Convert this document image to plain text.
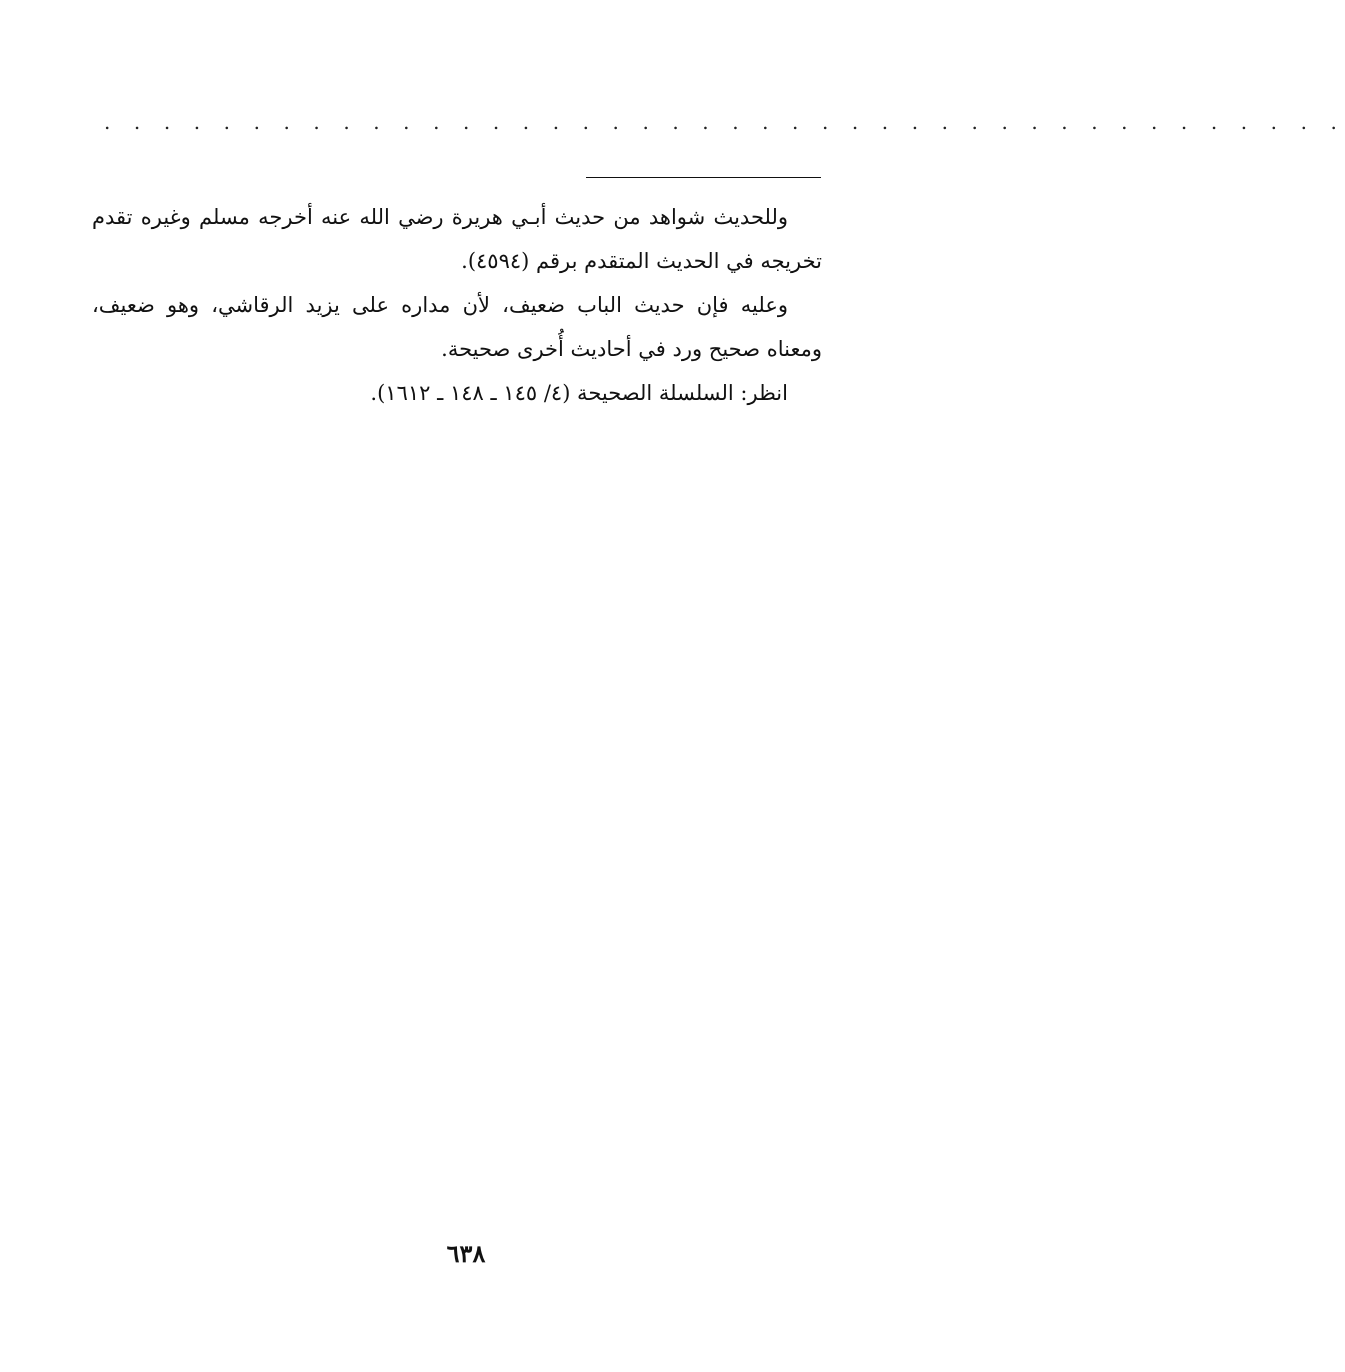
. . . . . . . . . . . . . . . . . . . . . . . . . . . . . . . . . . . . . . . . . .

وللحديث شواهد من حديث أبـي هريرة رضي الله عنه أخرجه مسلم وغيره تقدم تخريجه في الحديث المتقدم برقم (٤٥٩٤).

وعليه فإن حديث الباب ضعيف، لأن مداره على يزيد الرقاشي، وهو ضعيف، ومعناه صحيح ورد في أحاديث أُخرى صحيحة.

انظر: السلسلة الصحيحة (٤/ ١٤٥ ـ ١٤٨ ـ ١٦١٢).

٦٣٨
